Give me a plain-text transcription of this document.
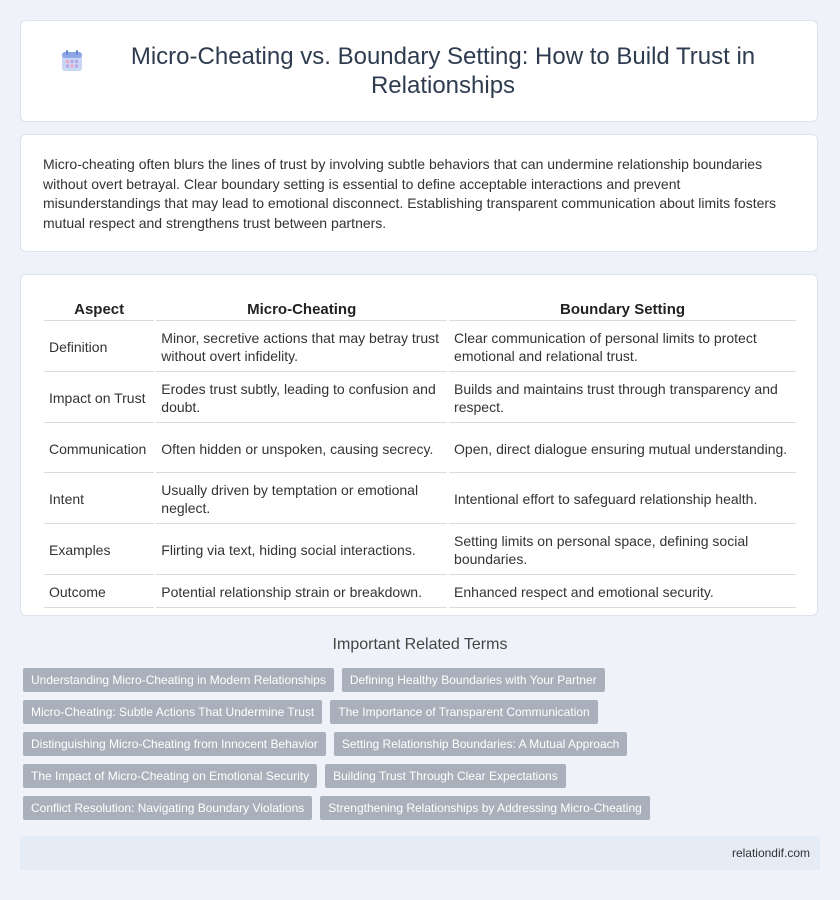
Micro-Cheating vs. Boundary Setting: How to Build Trust in Relationships

Micro-cheating often blurs the lines of trust by involving subtle behaviors that can undermine relationship boundaries without overt betrayal. Clear boundary setting is essential to define acceptable interactions and prevent misunderstandings that may lead to emotional disconnect. Establishing transparent communication about limits fosters mutual respect and strengthens trust between partners.

Aspect	Micro-Cheating	Boundary Setting
Definition	Minor, secretive actions that may betray trust without overt infidelity.	Clear communication of personal limits to protect emotional and relational trust.
Impact on Trust	Erodes trust subtly, leading to confusion and doubt.	Builds and maintains trust through transparency and respect.
Communication	Often hidden or unspoken, causing secrecy.	Open, direct dialogue ensuring mutual understanding.
Intent	Usually driven by temptation or emotional neglect.	Intentional effort to safeguard relationship health.
Examples	Flirting via text, hiding social interactions.	Setting limits on personal space, defining social boundaries.
Outcome	Potential relationship strain or breakdown.	Enhanced respect and emotional security.
Important Related Terms
Understanding Micro-Cheating in Modern Relationships	Defining Healthy Boundaries with Your Partner
Micro-Cheating: Subtle Actions That Undermine Trust	The Importance of Transparent Communication
Distinguishing Micro-Cheating from Innocent Behavior	Setting Relationship Boundaries: A Mutual Approach
The Impact of Micro-Cheating on Emotional Security	Building Trust Through Clear Expectations
Conflict Resolution: Navigating Boundary Violations	Strengthening Relationships by Addressing Micro-Cheating
relationdif.com
